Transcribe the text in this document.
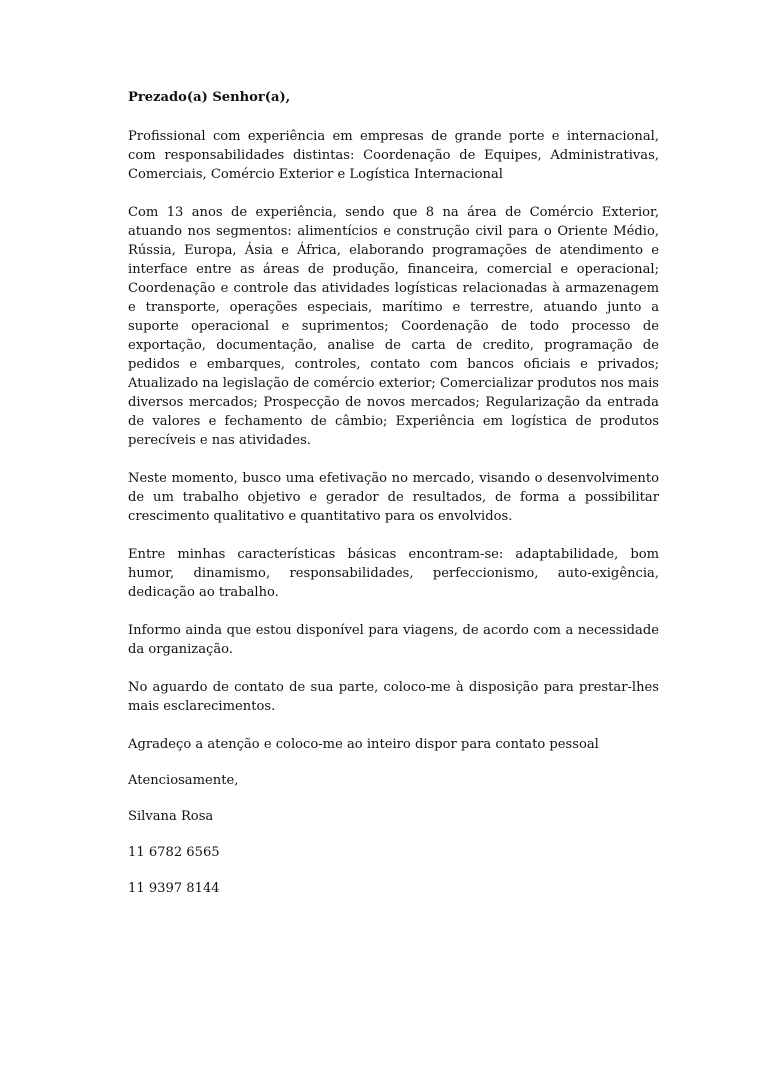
Prezado(a) Senhor(a),

Profissional com experiência em empresas de grande porte e internacional, com responsabilidades distintas: Coordenação de Equipes, Administrativas, Comerciais, Comércio Exterior e Logística Internacional

Com 13 anos de experiência, sendo que 8 na área de Comércio Exterior, atuando nos segmentos: alimentícios e construção civil para o Oriente Médio, Rússia, Europa, Ásia e África, elaborando programações de atendimento e interface entre as áreas de produção, financeira, comercial e operacional; Coordenação e controle das atividades logísticas relacionadas à armazenagem e transporte, operações especiais, marítimo e terrestre, atuando junto a suporte operacional e suprimentos; Coordenação de todo processo de exportação, documentação, analise de carta de credito, programação de pedidos e embarques, controles, contato com bancos oficiais e privados; Atualizado na legislação de comércio exterior; Comercializar produtos nos mais diversos mercados; Prospecção de novos mercados; Regularização da entrada de valores e fechamento de câmbio; Experiência em logística de produtos perecíveis e nas atividades.

Neste momento, busco uma efetivação no mercado, visando o desenvolvimento de um trabalho objetivo e gerador de resultados, de forma a possibilitar crescimento qualitativo e quantitativo para os envolvidos.

Entre minhas características básicas encontram-se: adaptabilidade, bom humor, dinamismo, responsabilidades, perfeccionismo, auto-exigência, dedicação ao trabalho.

Informo ainda que estou disponível para viagens, de acordo com a necessidade da organização.

No aguardo de contato de sua parte, coloco-me à disposição para prestar-lhes mais esclarecimentos.

Agradeço a atenção e coloco-me ao inteiro dispor para contato pessoal

Atenciosamente,

Silvana Rosa

11 6782 6565

11 9397 8144
